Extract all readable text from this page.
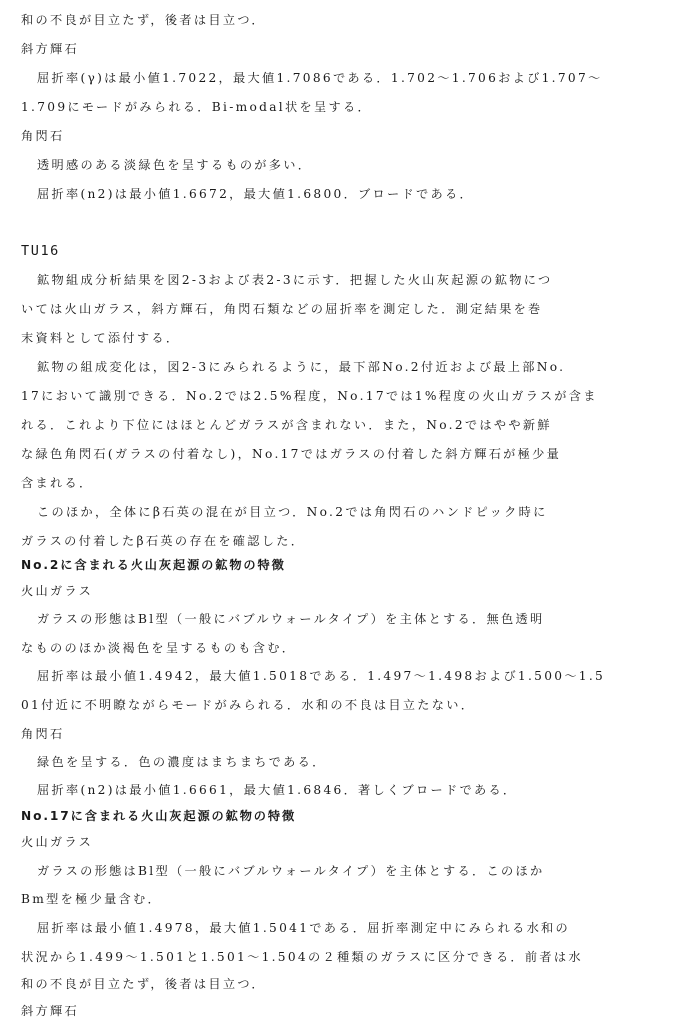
和の不良が目立たず，後者は目立つ．
斜方輝石
屈折率(γ)は最小値1.7022，最大値1.7086である．1.702～1.706および1.707～
1.709にモードがみられる．Bi-modal状を呈する．
角閃石
透明感のある淡緑色を呈するものが多い．
屈折率(n2)は最小値1.6672，最大値1.6800．ブロードである．
TU16
鉱物組成分析結果を図2-3および表2-3に示す．把握した火山灰起源の鉱物につ
いては火山ガラス，斜方輝石，角閃石類などの屈折率を測定した．測定結果を巻
末資料として添付する．
鉱物の組成変化は，図2-3にみられるように，最下部No.2付近および最上部No.
17において識別できる．No.2では2.5%程度，No.17では1%程度の火山ガラスが含ま
れる．これより下位にはほとんどガラスが含まれない．また，No.2ではやや新鮮
な緑色角閃石(ガラスの付着なし)，No.17ではガラスの付着した斜方輝石が極少量
含まれる．
このほか，全体にβ石英の混在が目立つ．No.2では角閃石のハンドピック時に
ガラスの付着したβ石英の存在を確認した．
No.2に含まれる火山灰起源の鉱物の特徴
火山ガラス
ガラスの形態はBl型（一般にバブルウォールタイプ）を主体とする．無色透明
なもののほか淡褐色を呈するものも含む．
屈折率は最小値1.4942，最大値1.5018である．1.497～1.498および1.500～1.5
01付近に不明瞭ながらモードがみられる．水和の不良は目立たない．
角閃石
緑色を呈する．色の濃度はまちまちである．
屈折率(n2)は最小値1.6661，最大値1.6846．著しくブロードである．
No.17に含まれる火山灰起源の鉱物の特徴
火山ガラス
ガラスの形態はBl型（一般にバブルウォールタイプ）を主体とする．このほか
Bm型を極少量含む．
屈折率は最小値1.4978，最大値1.5041である．屈折率測定中にみられる水和の
状況から1.499～1.501と1.501～1.504の２種類のガラスに区分できる．前者は水
和の不良が目立たず，後者は目立つ．
斜方輝石
